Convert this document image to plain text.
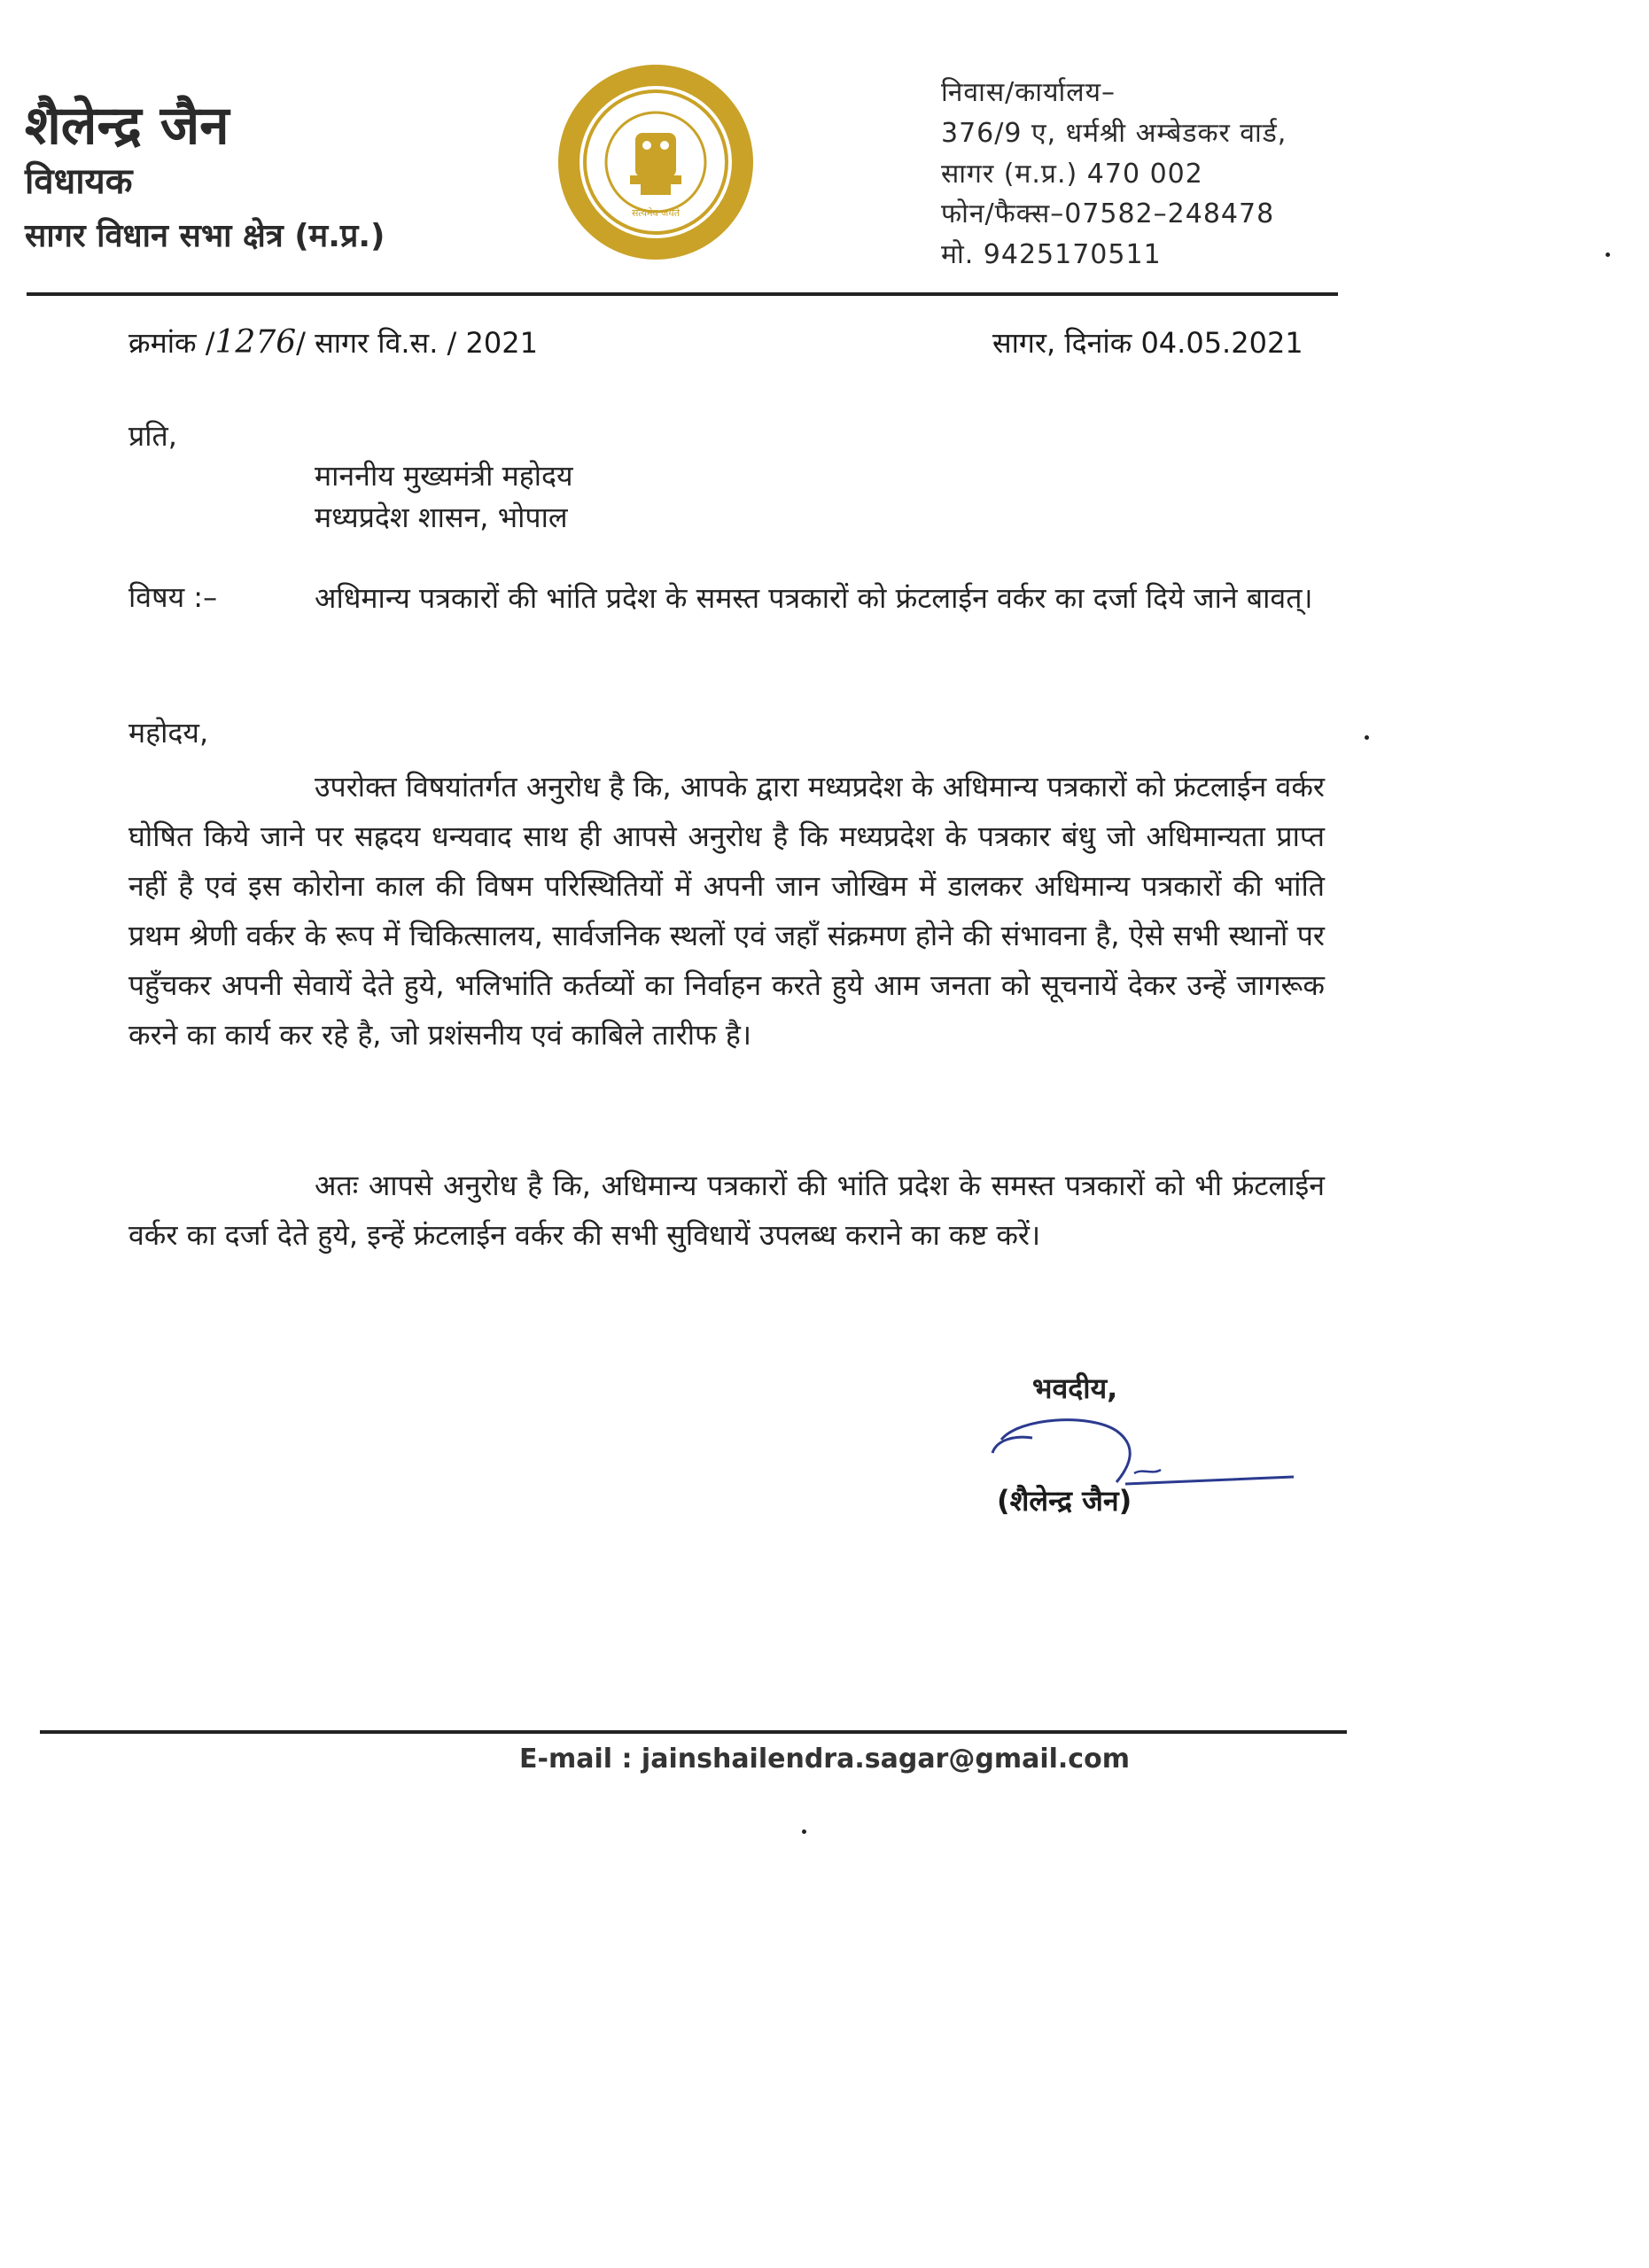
शैलेन्द्र जैन
विधायक
सागर विधान सभा क्षेत्र (म.प्र.)
सत्यमेव जयते
निवास/कार्यालय–
376/9 ए, धर्मश्री अम्बेडकर वार्ड,
सागर (म.प्र.) 470 002
फोन/फैक्स–07582–248478
मो. 9425170511
क्रमांक /1276/ सागर वि.स. / 2021	सागर, दिनांक 04.05.2021
प्रति,
माननीय मुख्यमंत्री महोदय
मध्यप्रदेश शासन, भोपाल
विषय :–	अधिमान्य पत्रकारों की भांति प्रदेश के समस्त पत्रकारों को फ्रंटलाईन वर्कर का दर्जा दिये जाने बावत्।
महोदय,
उपरोक्त विषयांतर्गत अनुरोध है कि, आपके द्वारा मध्यप्रदेश के अधिमान्य पत्रकारों को फ्रंटलाईन वर्कर घोषित किये जाने पर सह्रदय धन्यवाद साथ ही आपसे अनुरोध है कि मध्यप्रदेश के पत्रकार बंधु जो अधिमान्यता प्राप्त नहीं है एवं इस कोरोना काल की विषम परिस्थितियों में अपनी जान जोखिम में डालकर अधिमान्य पत्रकारों की भांति प्रथम श्रेणी वर्कर के रूप में चिकित्सालय, सार्वजनिक स्थलों एवं जहाँ संक्रमण होने की संभावना है, ऐसे सभी स्थानों पर पहुँचकर अपनी सेवायें देते हुये, भलिभांति कर्तव्यों का निर्वाहन करते हुये आम जनता को सूचनायें देकर उन्हें जागरूक करने का कार्य कर रहे है, जो प्रशंसनीय एवं काबिले तारीफ है।
अतः आपसे अनुरोध है कि, अधिमान्य पत्रकारों की भांति प्रदेश के समस्त पत्रकारों को भी फ्रंटलाईन वर्कर का दर्जा देते हुये, इन्हें फ्रंटलाईन वर्कर की सभी सुविधायें उपलब्ध कराने का कष्ट करें।
भवदीय,
(शैलेन्द्र जैन)
E-mail : jainshailendra.sagar@gmail.com
